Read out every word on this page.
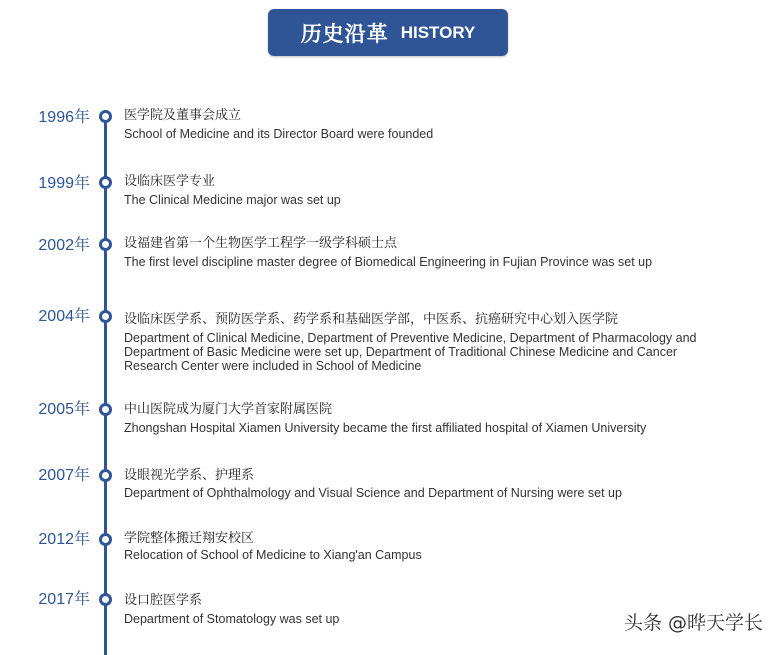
历史沿革 HISTORY
1996年	医学院及董事会成立
School of Medicine and its Director Board were founded
1999年	设临床医学专业
The Clinical Medicine major was set up
2002年	设福建省第一个生物医学工程学一级学科硕士点
The first level discipline master degree of Biomedical Engineering in Fujian Province was set up
2004年	设临床医学系、预防医学系、药学系和基础医学部，中医系、抗癌研究中心划入医学院
Department of Clinical Medicine, Department of Preventive Medicine, Department of Pharmacology and Department of Basic Medicine were set up, Department of Traditional Chinese Medicine and Cancer Research Center were included in School of Medicine
2005年	中山医院成为厦门大学首家附属医院
Zhongshan Hospital Xiamen University became the first affiliated hospital of Xiamen University
2007年	设眼视光学系、护理系
Department of Ophthalmology and Visual Science and Department of Nursing were set up
2012年	学院整体搬迁翔安校区
Relocation of School of Medicine to Xiang'an Campus
2017年	设口腔医学系
Department of Stomatology was set up	头条 @晔天学长
